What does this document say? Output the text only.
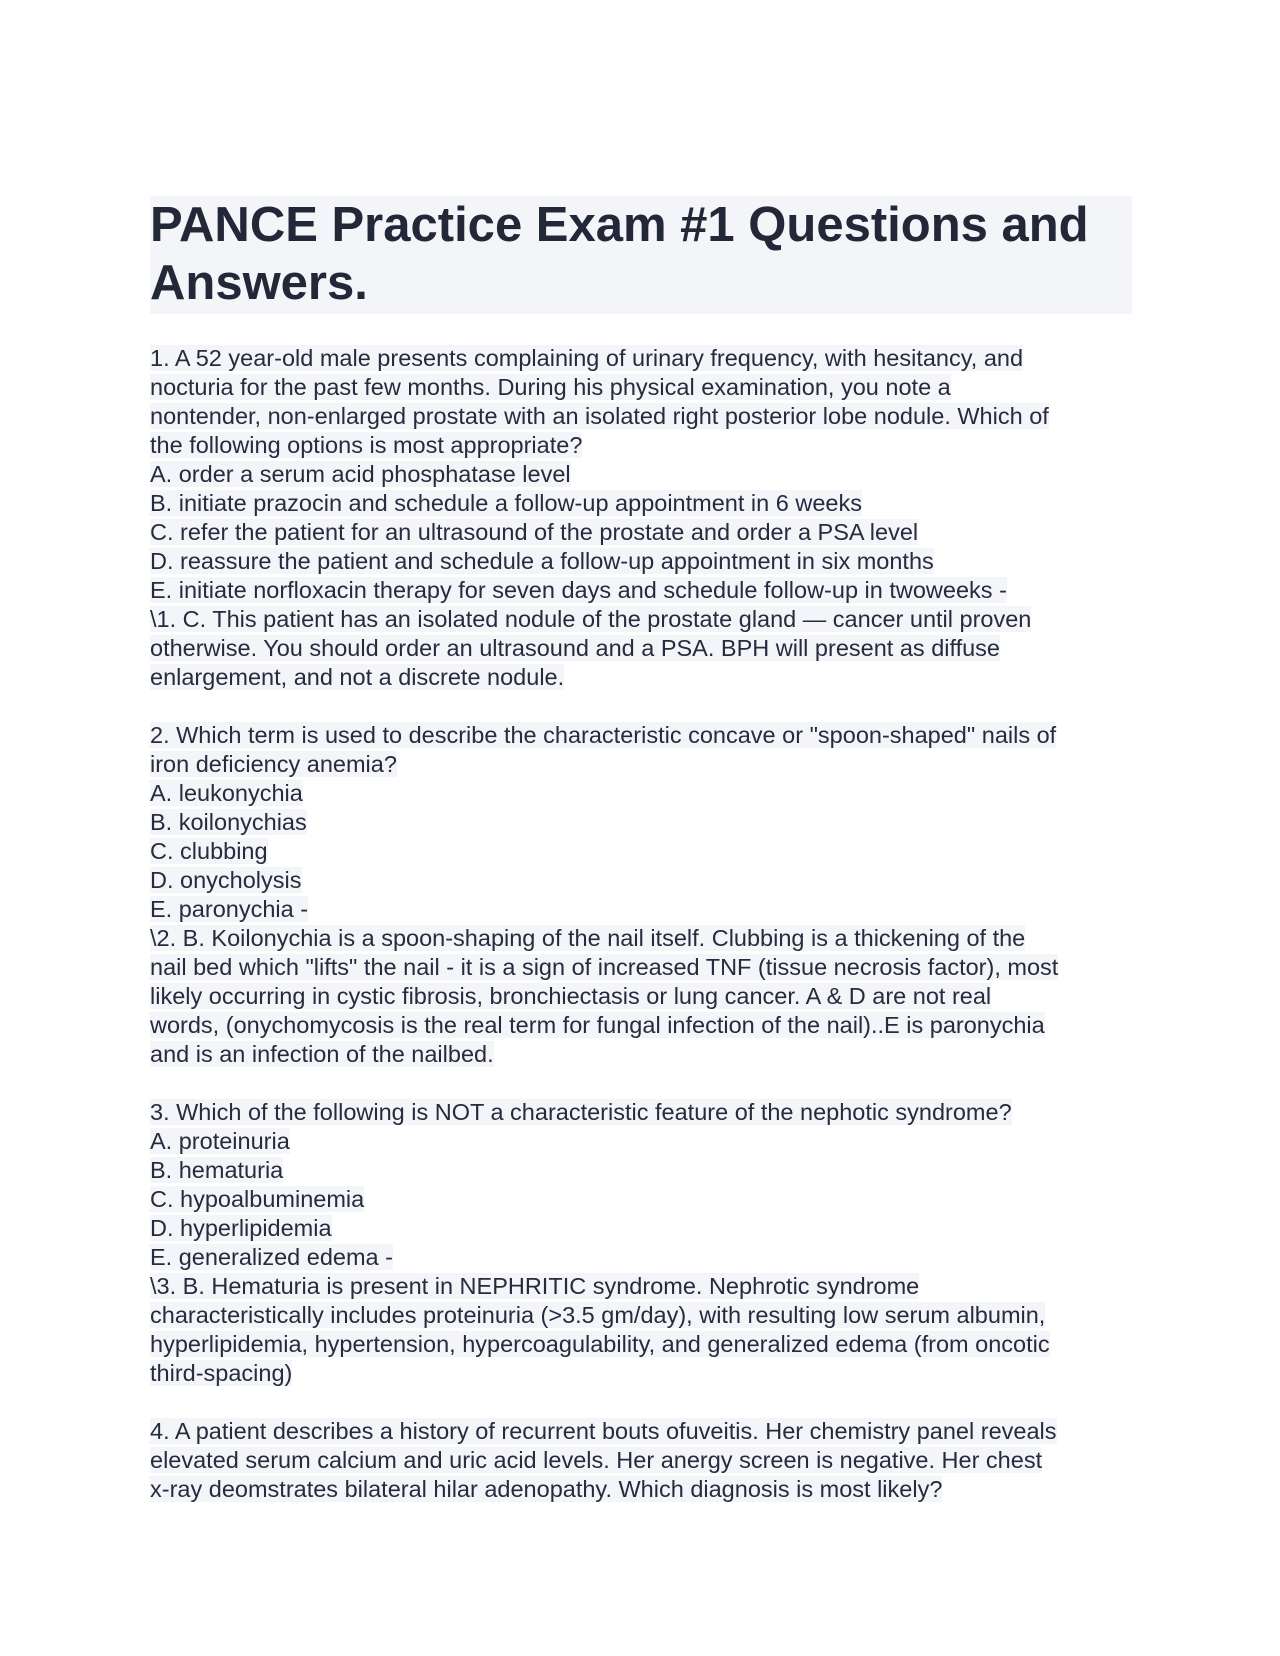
PANCE Practice Exam #1 Questions and Answers.
1. A 52 year-old male presents complaining of urinary frequency, with hesitancy, and
nocturia for the past few months. During his physical examination, you note a
nontender, non-enlarged prostate with an isolated right posterior lobe nodule. Which of
the following options is most appropriate?
A. order a serum acid phosphatase level
B. initiate prazocin and schedule a follow-up appointment in 6 weeks
C. refer the patient for an ultrasound of the prostate and order a PSA level
D. reassure the patient and schedule a follow-up appointment in six months
E. initiate norfloxacin therapy for seven days and schedule follow-up in twoweeks -
\1. C. This patient has an isolated nodule of the prostate gland — cancer until proven
otherwise. You should order an ultrasound and a PSA. BPH will present as diffuse
enlargement, and not a discrete nodule.
2. Which term is used to describe the characteristic concave or "spoon-shaped" nails of
iron deficiency anemia?
A. leukonychia
B. koilonychias
C. clubbing
D. onycholysis
E. paronychia -
\2. B. Koilonychia is a spoon-shaping of the nail itself. Clubbing is a thickening of the
nail bed which "lifts" the nail - it is a sign of increased TNF (tissue necrosis factor), most
likely occurring in cystic fibrosis, bronchiectasis or lung cancer. A & D are not real
words, (onychomycosis is the real term for fungal infection of the nail)..E is paronychia
and is an infection of the nailbed.
3. Which of the following is NOT a characteristic feature of the nephotic syndrome?
A. proteinuria
B. hematuria
C. hypoalbuminemia
D. hyperlipidemia
E. generalized edema -
\3. B. Hematuria is present in NEPHRITIC syndrome. Nephrotic syndrome
characteristically includes proteinuria (>3.5 gm/day), with resulting low serum albumin,
hyperlipidemia, hypertension, hypercoagulability, and generalized edema (from oncotic
third-spacing)
4. A patient describes a history of recurrent bouts ofuveitis. Her chemistry panel reveals
elevated serum calcium and uric acid levels. Her anergy screen is negative. Her chest
x-ray deomstrates bilateral hilar adenopathy. Which diagnosis is most likely?
